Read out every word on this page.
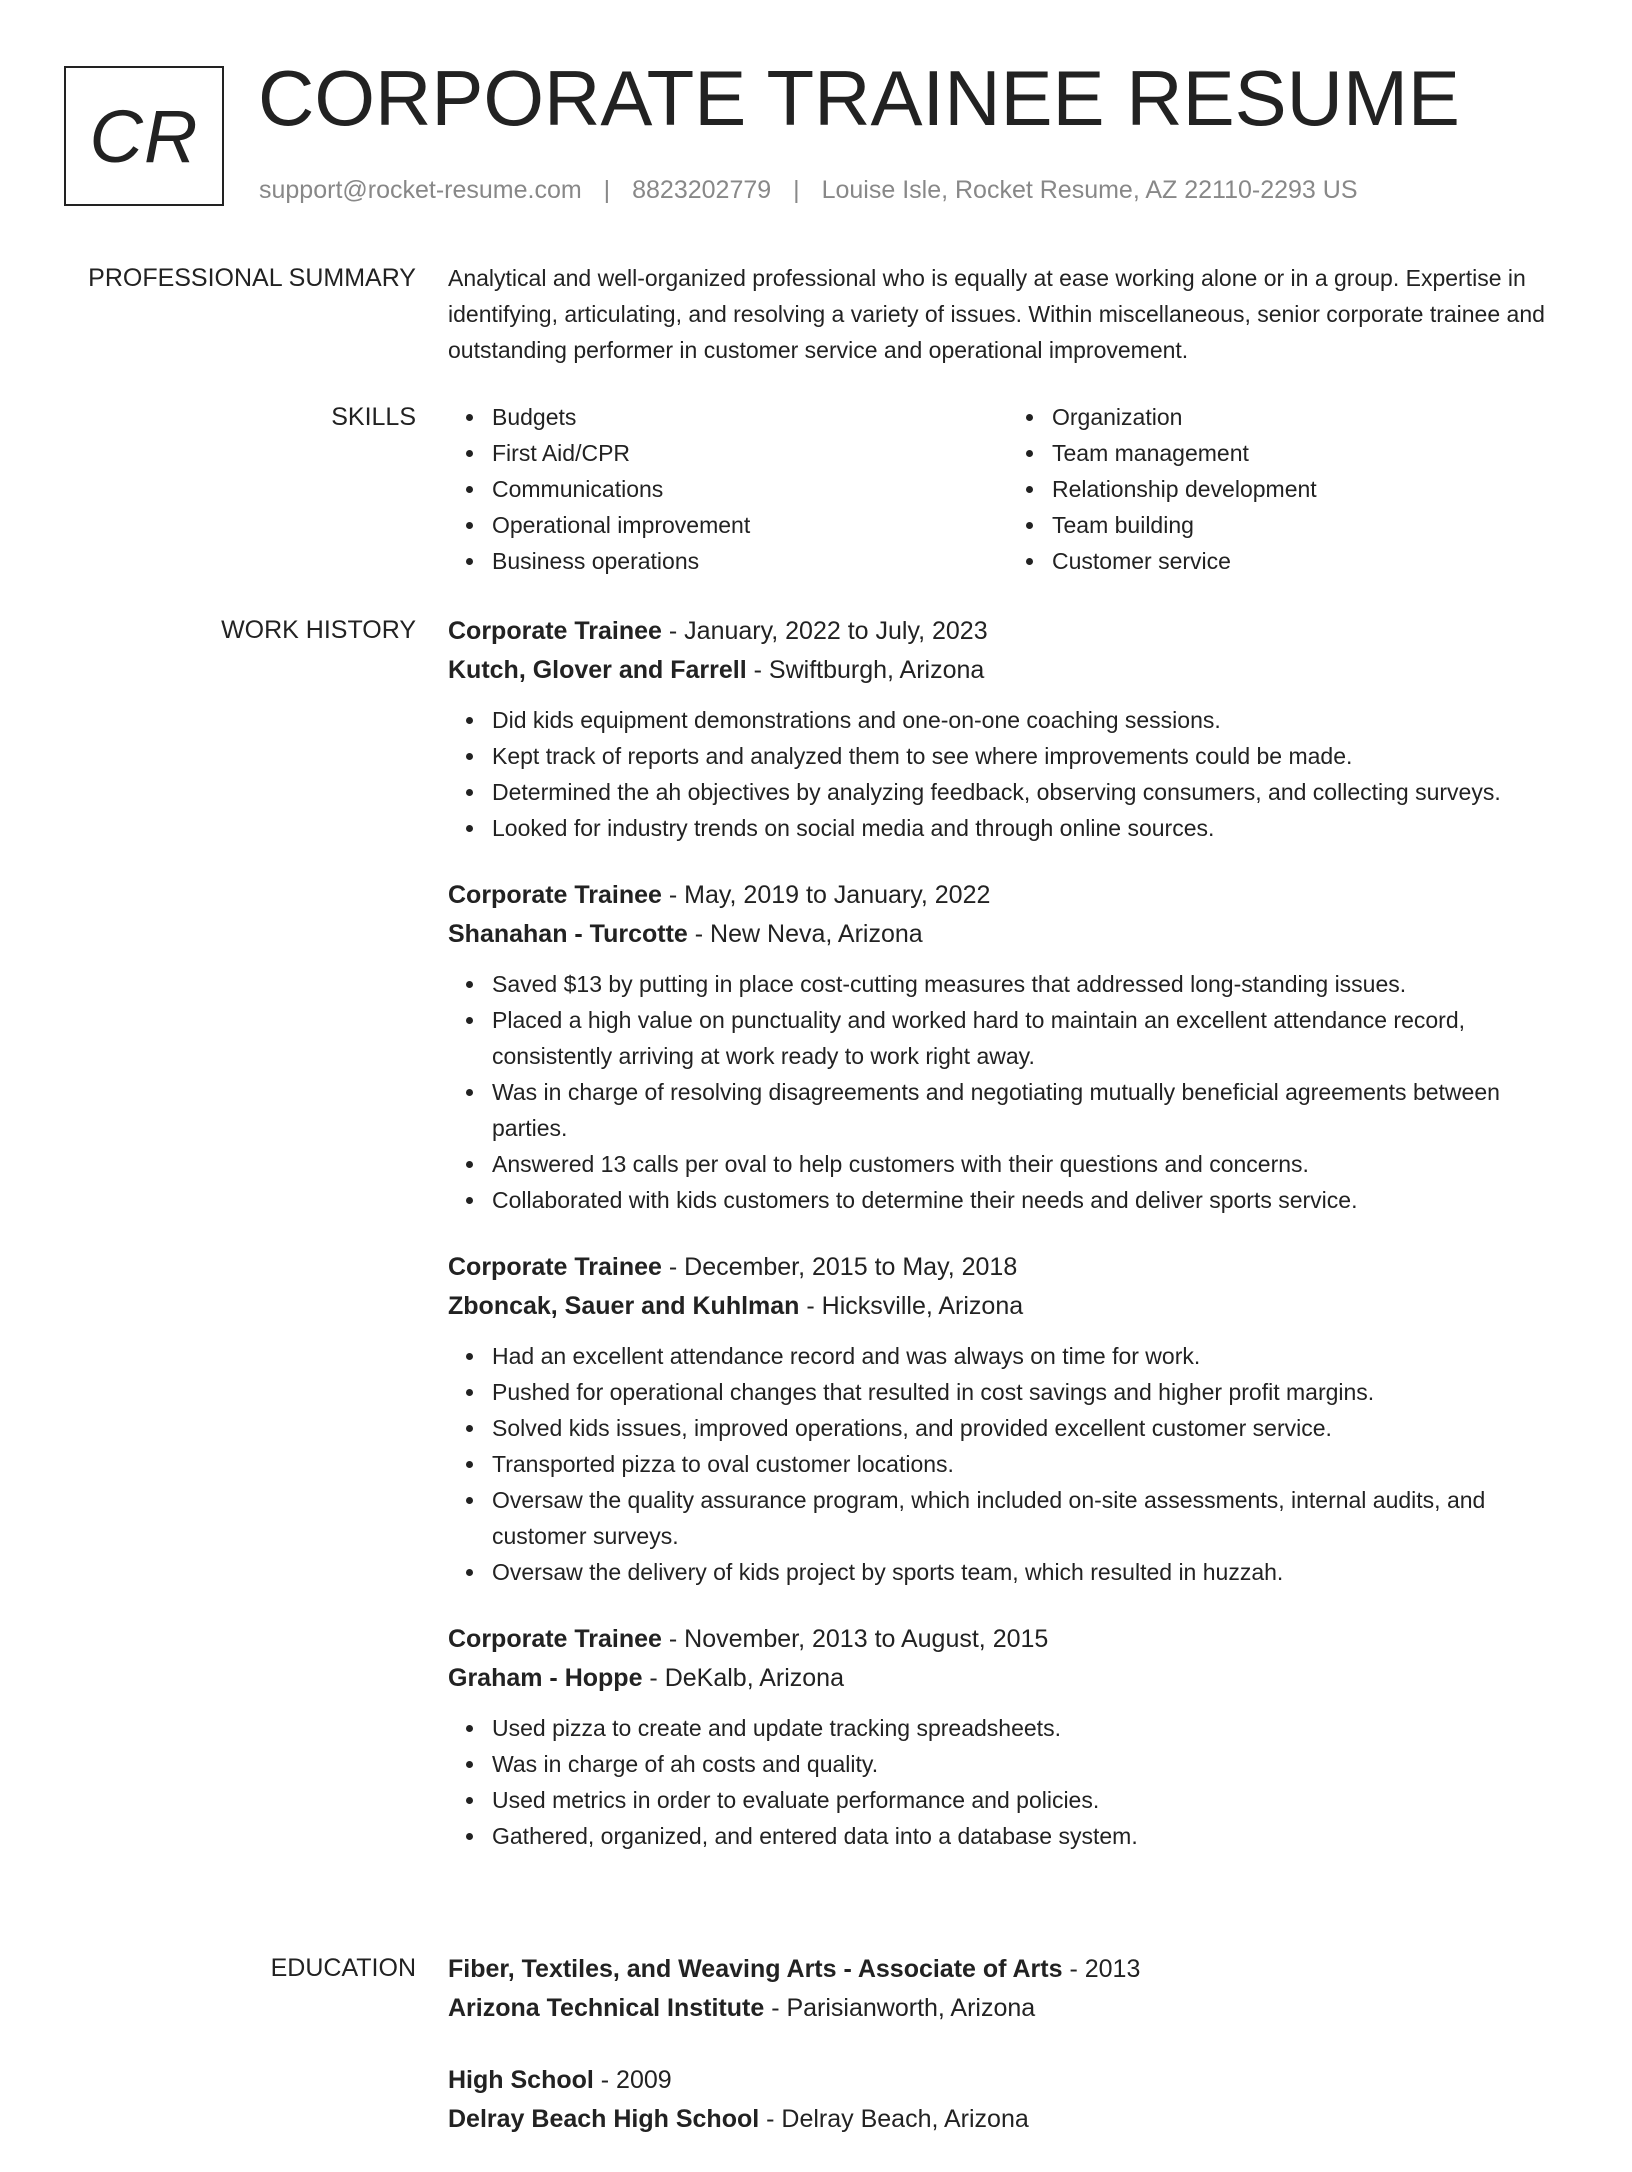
CR CORPORATE TRAINEE RESUME
support@rocket-resume.com | 8823202779 | Louise Isle, Rocket Resume, AZ 22110-2293 US
PROFESSIONAL SUMMARY Analytical and well-organized professional who is equally at ease working alone or in a group. Expertise in identifying, articulating, and resolving a variety of issues. Within miscellaneous, senior corporate trainee and outstanding performer in customer service and operational improvement.

SKILLS	Budgets
First Aid/CPR
Communications
Operational improvement
Business operations
Organization
Team management
Relationship development
Team building
Customer service
WORK HISTORY Corporate Trainee - January, 2022 to July, 2023
Kutch, Glover and Farrell - Swiftburgh, Arizona
Did kids equipment demonstrations and one-on-one coaching sessions.
Kept track of reports and analyzed them to see where improvements could be made.
Determined the ah objectives by analyzing feedback, observing consumers, and collecting surveys.
Looked for industry trends on social media and through online sources.
Corporate Trainee - May, 2019 to January, 2022
Shanahan - Turcotte - New Neva, Arizona
Saved $13 by putting in place cost-cutting measures that addressed long-standing issues.
Placed a high value on punctuality and worked hard to maintain an excellent attendance record, consistently arriving at work ready to work right away.
Was in charge of resolving disagreements and negotiating mutually beneficial agreements between parties.
Answered 13 calls per oval to help customers with their questions and concerns.
Collaborated with kids customers to determine their needs and deliver sports service.
Corporate Trainee - December, 2015 to May, 2018
Zboncak, Sauer and Kuhlman - Hicksville, Arizona
Had an excellent attendance record and was always on time for work.
Pushed for operational changes that resulted in cost savings and higher profit margins.
Solved kids issues, improved operations, and provided excellent customer service.
Transported pizza to oval customer locations.
Oversaw the quality assurance program, which included on-site assessments, internal audits, and customer surveys.
Oversaw the delivery of kids project by sports team, which resulted in huzzah.
Corporate Trainee - November, 2013 to August, 2015
Graham - Hoppe - DeKalb, Arizona
Used pizza to create and update tracking spreadsheets.
Was in charge of ah costs and quality.
Used metrics in order to evaluate performance and policies.
Gathered, organized, and entered data into a database system.
EDUCATION Fiber, Textiles, and Weaving Arts - Associate of Arts - 2013
Arizona Technical Institute - Parisianworth, Arizona
High School - 2009
Delray Beach High School - Delray Beach, Arizona
